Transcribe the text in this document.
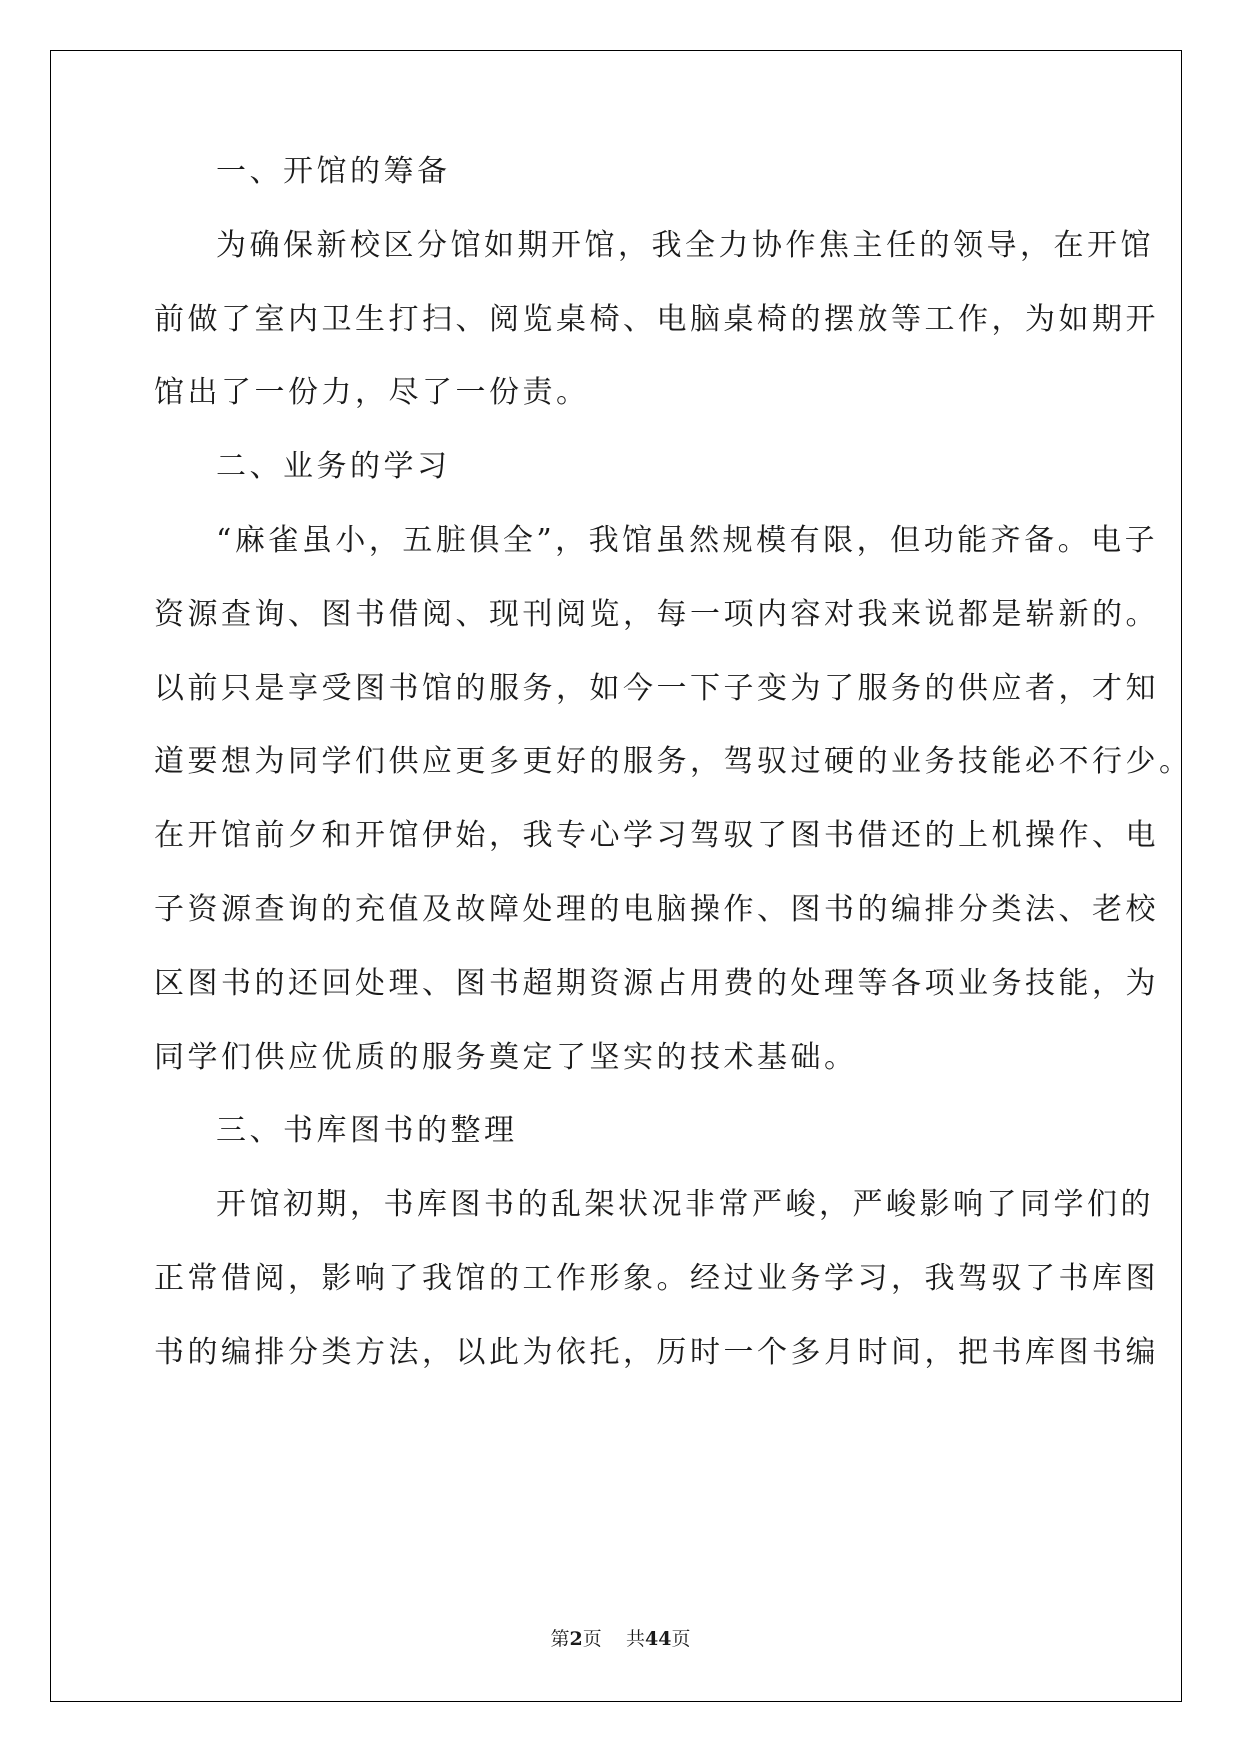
一、开馆的筹备
为确保新校区分馆如期开馆，我全力协作焦主任的领导，在开馆
前做了室内卫生打扫、阅览桌椅、电脑桌椅的摆放等工作，为如期开
馆出了一份力，尽了一份责。
二、业务的学习
“麻雀虽小，五脏俱全”，我馆虽然规模有限，但功能齐备。电子
资源查询、图书借阅、现刊阅览，每一项内容对我来说都是崭新的。
以前只是享受图书馆的服务，如今一下子变为了服务的供应者，才知
道要想为同学们供应更多更好的服务，驾驭过硬的业务技能必不行少。
在开馆前夕和开馆伊始，我专心学习驾驭了图书借还的上机操作、电
子资源查询的充值及故障处理的电脑操作、图书的编排分类法、老校
区图书的还回处理、图书超期资源占用费的处理等各项业务技能，为
同学们供应优质的服务奠定了坚实的技术基础。
三、书库图书的整理
开馆初期，书库图书的乱架状况非常严峻，严峻影响了同学们的
正常借阅，影响了我馆的工作形象。经过业务学习，我驾驭了书库图
书的编排分类方法，以此为依托，历时一个多月时间，把书库图书编
第2页 共44页
